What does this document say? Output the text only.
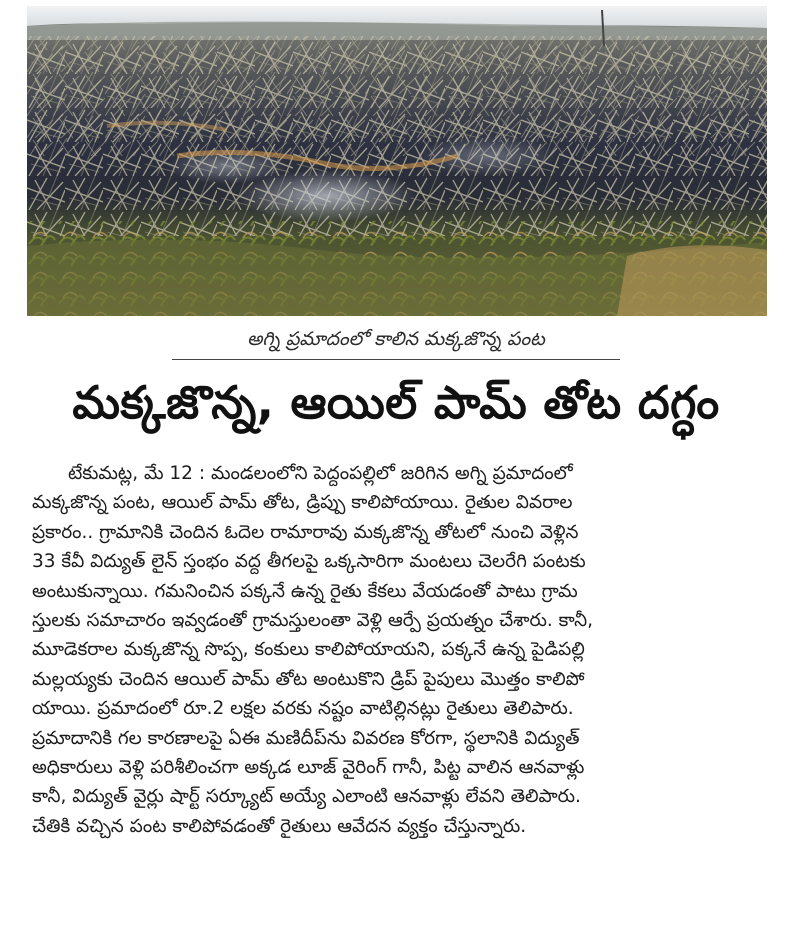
అగ్ని ప్రమాదంలో కాలిన మక్కజొన్న పంట
మక్కజొన్న, ఆయిల్ పామ్ తోట దగ్ధం
టేకుమట్ల, మే 12 : మండలంలోని పెద్దంపల్లిలో జరిగిన అగ్ని ప్రమాదంలో
మక్కజొన్న పంట, ఆయిల్ పామ్ తోట, డ్రిప్పు కాలిపోయాయి. రైతుల వివరాల
ప్రకారం.. గ్రామానికి చెందిన ఓదెల రామారావు మక్కజొన్న తోటలో నుంచి వెళ్లిన
33 కేవీ విద్యుత్ లైన్ స్తంభం వద్ద తీగలపై ఒక్కసారిగా మంటలు చెలరేగి పంటకు
అంటుకున్నాయి. గమనించిన పక్కనే ఉన్న రైతు కేకలు వేయడంతో పాటు గ్రామ
స్తులకు సమాచారం ఇవ్వడంతో గ్రామస్తులంతా వెళ్లి ఆర్పే ప్రయత్నం చేశారు. కానీ,
మూడెకరాల మక్కజొన్న సొప్ప, కంకులు కాలిపోయాయని, పక్కనే ఉన్న పైడిపల్లి
మల్లయ్యకు చెందిన ఆయిల్ పామ్ తోట అంటుకొని డ్రిప్ పైపులు మొత్తం కాలిపో
యాయి. ప్రమాదంలో రూ.2 లక్షల వరకు నష్టం వాటిల్లినట్లు రైతులు తెలిపారు.
ప్రమాదానికి గల కారణాలపై ఏఈ మణిదీప్‌ను వివరణ కోరగా, స్థలానికి విద్యుత్
అధికారులు వెళ్లి పరిశీలించగా అక్కడ లూజ్ వైరింగ్ గానీ, పిట్ట వాలిన ఆనవాళ్లు
కానీ, విద్యుత్ వైర్లు షార్ట్ సర్క్యూట్ అయ్యే ఎలాంటి ఆనవాళ్లు లేవని తెలిపారు.
చేతికి వచ్చిన పంట కాలిపోవడంతో రైతులు ఆవేదన వ్యక్తం చేస్తున్నారు.
